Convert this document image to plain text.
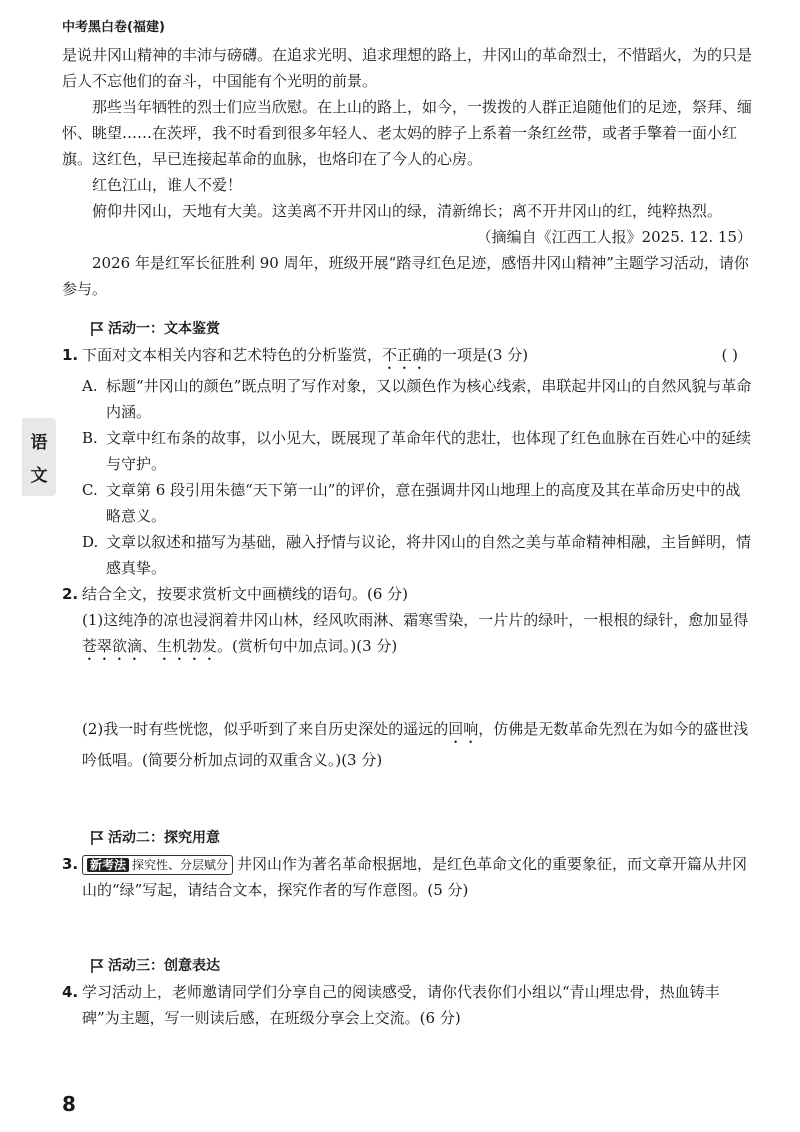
中考黑白卷(福建)
语
文

是说井冈山精神的丰沛与磅礴。在追求光明、追求理想的路上，井冈山的革命烈士，不惜蹈火，为的只是后人不忘他们的奋斗，中国能有个光明的前景。

那些当年牺牲的烈士们应当欣慰。在上山的路上，如今，一拨拨的人群正追随他们的足迹，祭拜、缅怀、眺望……在茨坪，我不时看到很多年轻人、老太妈的脖子上系着一条红丝带，或者手擎着一面小红旗。这红色，早已连接起革命的血脉，也烙印在了今人的心房。

红色江山，谁人不爱！

俯仰井冈山，天地有大美。这美离不开井冈山的绿，清新绵长；离不开井冈山的红，纯粹热烈。

（摘编自《江西工人报》2025. 12. 15）

2026 年是红军长征胜利 90 周年，班级开展“踏寻红色足迹，感悟井冈山精神”主题学习活动，请你参与。

活动一：文本鉴赏
1.	( )
下面对文本相关内容和艺术特色的分析鉴赏，不正确的一项是(3 分)
A. 标题“井冈山的颜色”既点明了写作对象，又以颜色作为核心线索，串联起井冈山的自然风貌与革命内涵。
B. 文章中红布条的故事，以小见大，既展现了革命年代的悲壮，也体现了红色血脉在百姓心中的延续与守护。
C. 文章第 6 段引用朱德“天下第一山”的评价，意在强调井冈山地理上的高度及其在革命历史中的战略意义。
D. 文章以叙述和描写为基础，融入抒情与议论，将井冈山的自然之美与革命精神相融，主旨鲜明，情感真挚。
2. 结合全文，按要求赏析文中画横线的语句。(6 分)

(1)这纯净的凉也浸润着井冈山林，经风吹雨淋、霜寒雪染，一片片的绿叶，一根根的绿针，愈加显得苍翠欲滴、生机勃发。(赏析句中加点词。)(3 分)

(2)我一时有些恍惚，似乎听到了来自历史深处的遥远的回响，仿佛是无数革命先烈在为如今的盛世浅吟低唱。(简要分析加点词的双重含义。)(3 分)

活动二：探究用意
3. 新考法 探究性、分层赋分 井冈山作为著名革命根据地，是红色革命文化的重要象征，而文章开篇从井冈山的“绿”写起，请结合文本，探究作者的写作意图。(5 分)
活动三：创意表达
4. 学习活动上，老师邀请同学们分享自己的阅读感受，请你代表你们小组以“青山埋忠骨，热血铸丰碑”为主题，写一则读后感，在班级分享会上交流。(6 分)
8
